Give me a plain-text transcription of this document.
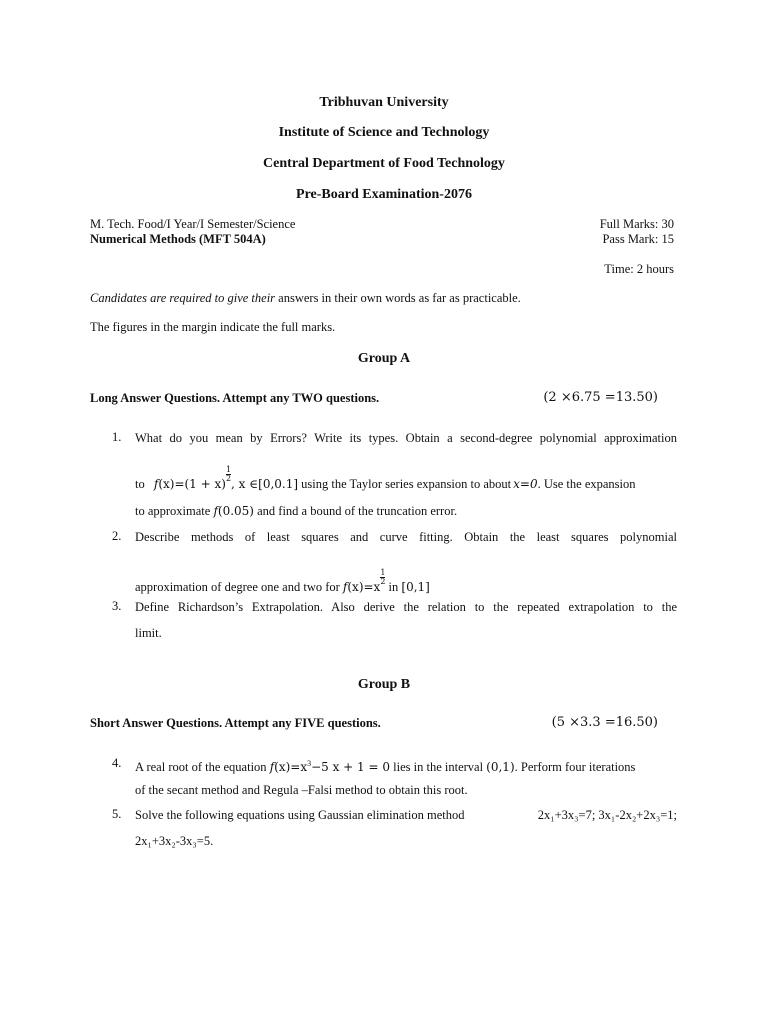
Tribhuvan University
Institute of Science and Technology
Central Department of Food Technology
Pre-Board Examination-2076
M. Tech. Food/I Year/I Semester/Science
Numerical Methods (MFT 504A)
Full Marks: 30
Pass Mark: 15
Time: 2 hours
Candidates are required to give their answers in their own words as far as practicable.
The figures in the margin indicate the full marks.
Group A
Long Answer Questions. Attempt any TWO questions.	(2 ×6.75 =13.50)
1. What do you mean by Errors? Write its types. Obtain a second-degree polynomial approximation
to f(x)=(1 + x)
$^{\frac{1}{2}}$
, x ∈[0,0.1] using the Taylor series expansion to about x=0. Use the expansion
to approximate f(0.05) and find a bound of the truncation error.
2. Describe methods of least squares and curve fitting. Obtain the least squares polynomial
approximation of degree one and two for f(x)=x
$^{\frac{1}{2}}$
in [0,1]
3. Define Richardson’s Extrapolation. Also derive the relation to the repeated extrapolation to the
limit.
Group B
Short Answer Questions. Attempt any FIVE questions.	(5 ×3.3 =16.50)
4. A real root of the equation $f(x)=x^3-5$ x + 1 = 0 lies in the interval (0,1). Perform four iterations
of the secant method and Regula –Falsi method to obtain this root.
5. Solve the following equations using Gaussian elimination method	2x₁+3x₃=7; 3x₁-2x₂+2x₃=1;
2x₁+3x₂-3x₃=5.
